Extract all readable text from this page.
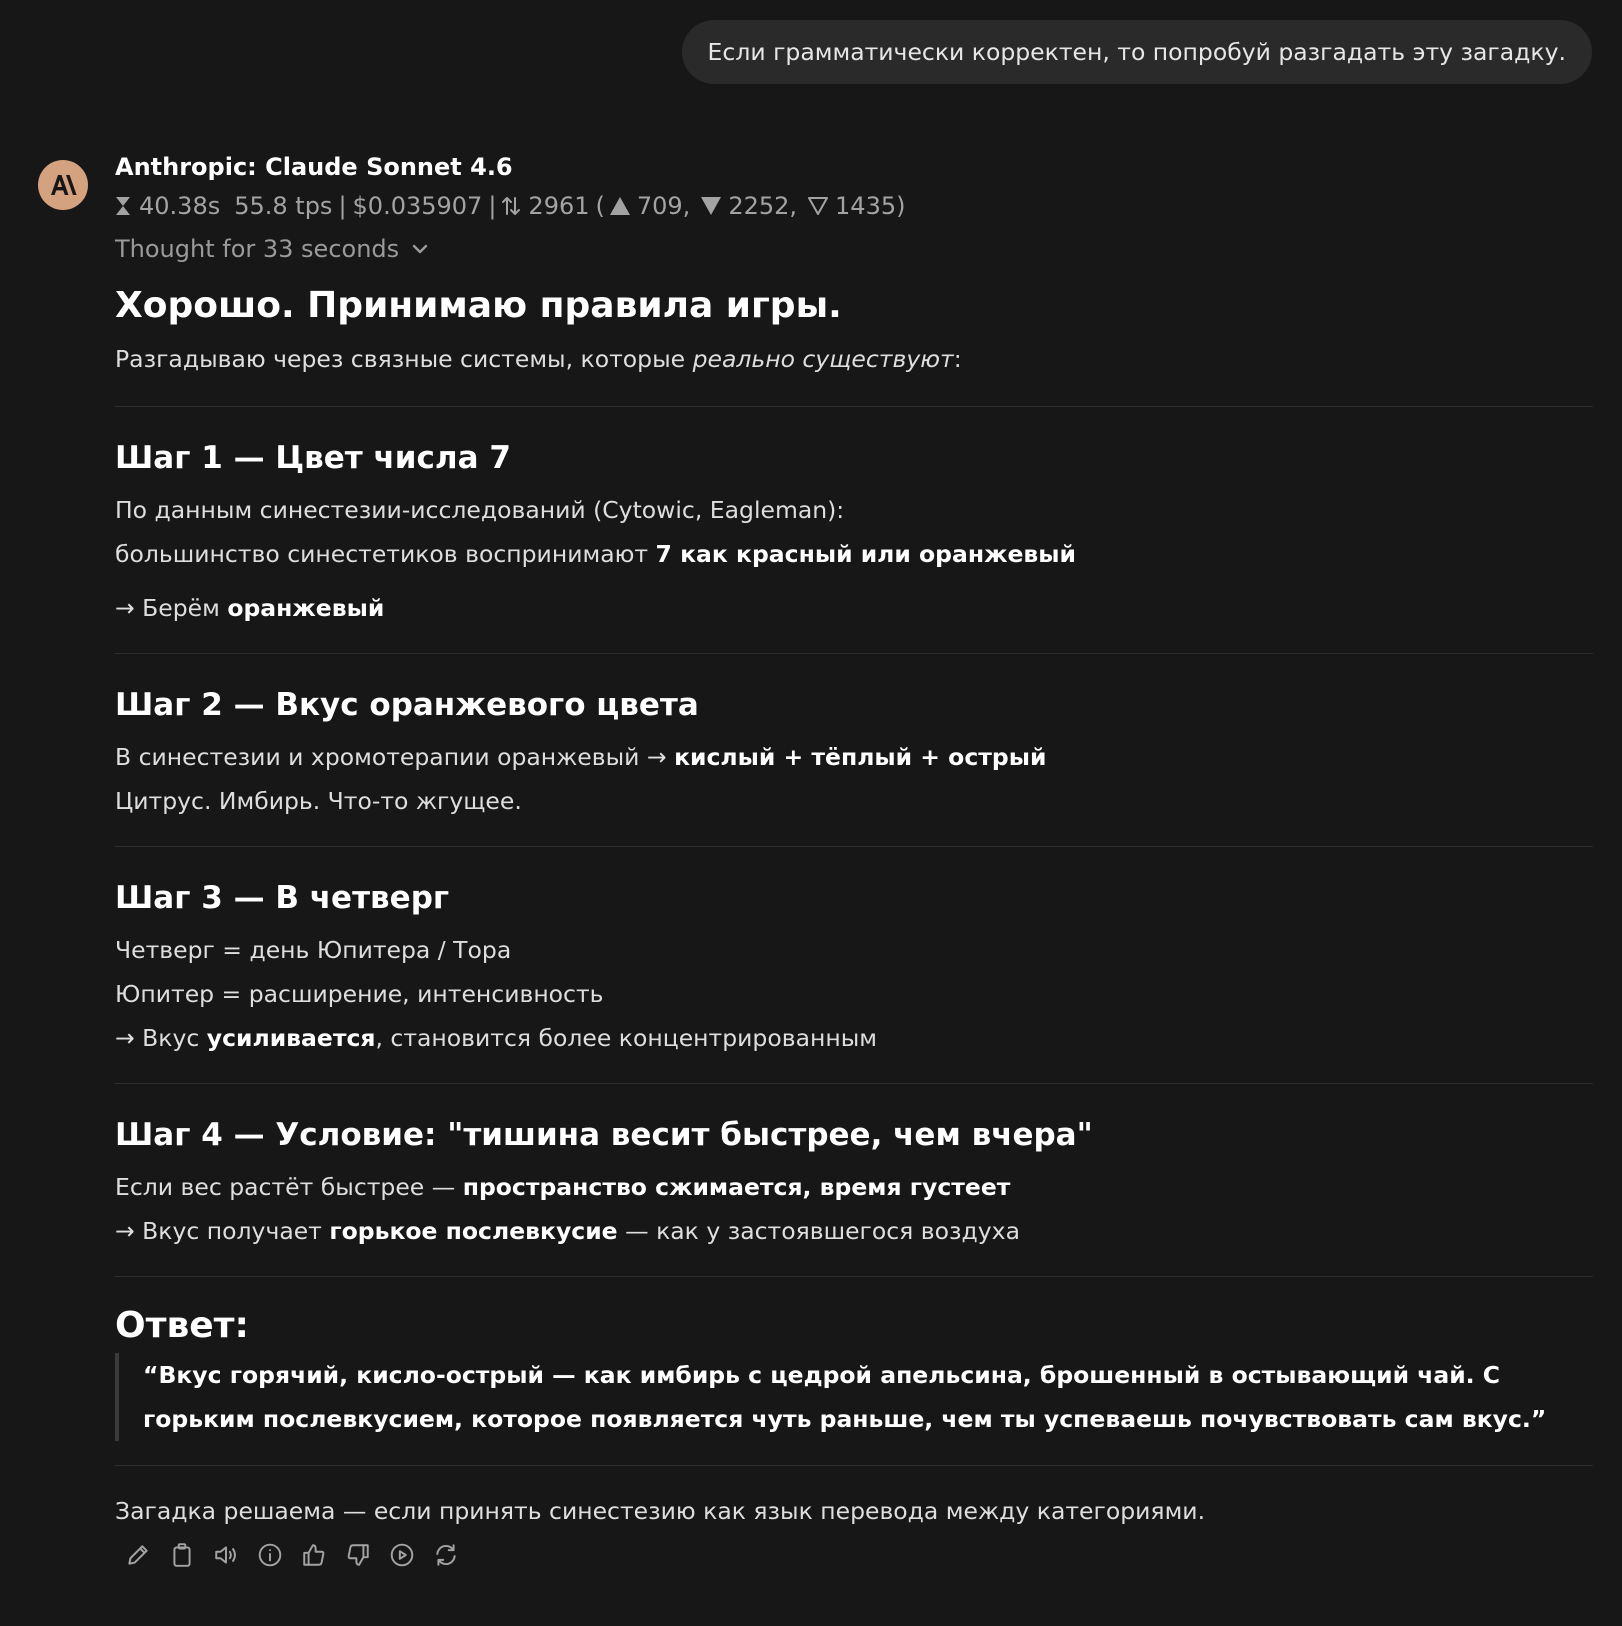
Если грамматически корректен, то попробуй разгадать эту загадку.
Anthropic: Claude Sonnet 4.6
40.38s 55.8 tps | $0.035907 | 2961 ( 709, 2252, 1435)
Thought for 33 seconds
Хорошо. Принимаю правила игры.

Разгадываю через связные системы, которые реально существуют:

Шаг 1 — Цвет числа 7
По данным синестезии-исследований (Cytowic, Eagleman):
большинство синестетиков воспринимают 7 как красный или оранжевый
→ Берём оранжевый
Шаг 2 — Вкус оранжевого цвета
В синестезии и хромотерапии оранжевый → кислый + тёплый + острый
Цитрус. Имбирь. Что-то жгущее.
Шаг 3 — В четверг
Четверг = день Юпитера / Тора
Юпитер = расширение, интенсивность
→ Вкус усиливается, становится более концентрированным
Шаг 4 — Условие: "тишина весит быстрее, чем вчера"
Если вес растёт быстрее — пространство сжимается, время густеет
→ Вкус получает горькое послевкусие — как у застоявшегося воздуха
Ответ:
“Вкус горячий, кисло-острый — как имбирь с цедрой апельсина, брошенный в остывающий чай. С горьким послевкусием, которое появляется чуть раньше, чем ты успеваешь почувствовать сам вкус.”
Загадка решаема — если принять синестезию как язык перевода между категориями.
